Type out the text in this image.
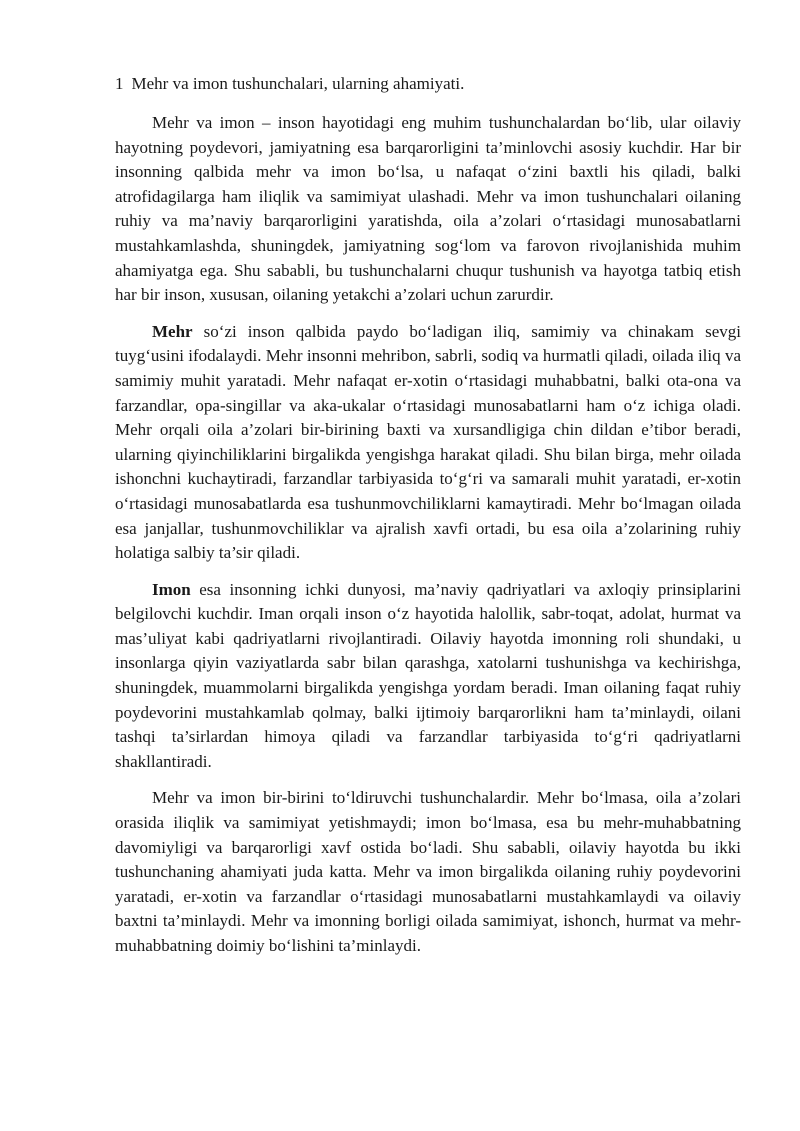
1 Mehr va imon tushunchalari, ularning ahamiyati.

Mehr va imon – inson hayotidagi eng muhim tushunchalardan bo‘lib, ular oilaviy hayotning poydevori, jamiyatning esa barqarorligini ta’minlovchi asosiy kuchdir. Har bir insonning qalbida mehr va imon bo‘lsa, u nafaqat o‘zini baxtli his qiladi, balki atrofidagilarga ham iliqlik va samimiyat ulashadi. Mehr va imon tushunchalari oilaning ruhiy va ma’naviy barqarorligini yaratishda, oila a’zolari o‘rtasidagi munosabatlarni mustahkamlashda, shuningdek, jamiyatning sog‘lom va farovon rivojlanishida muhim ahamiyatga ega. Shu sababli, bu tushunchalarni chuqur tushunish va hayotga tatbiq etish har bir inson, xususan, oilaning yetakchi a’zolari uchun zarurdir.

Mehr so‘zi inson qalbida paydo bo‘ladigan iliq, samimiy va chinakam sevgi tuyg‘usini ifodalaydi. Mehr insonni mehribon, sabrli, sodiq va hurmatli qiladi, oilada iliq va samimiy muhit yaratadi. Mehr nafaqat er-xotin o‘rtasidagi muhabbatni, balki ota-ona va farzandlar, opa-singillar va aka-ukalar o‘rtasidagi munosabatlarni ham o‘z ichiga oladi. Mehr orqali oila a’zolari bir-birining baxti va xursandligiga chin dildan e’tibor beradi, ularning qiyinchiliklarini birgalikda yengishga harakat qiladi. Shu bilan birga, mehr oilada ishonchni kuchaytiradi, farzandlar tarbiyasida to‘g‘ri va samarali muhit yaratadi, er-xotin o‘rtasidagi munosabatlarda esa tushunmovchiliklarni kamaytiradi. Mehr bo‘lmagan oilada esa janjallar, tushunmovchiliklar va ajralish xavfi ortadi, bu esa oila a’zolarining ruhiy holatiga salbiy ta’sir qiladi.

Imon esa insonning ichki dunyosi, ma’naviy qadriyatlari va axloqiy prinsiplarini belgilovchi kuchdir. Iman orqali inson o‘z hayotida halollik, sabr-toqat, adolat, hurmat va mas’uliyat kabi qadriyatlarni rivojlantiradi. Oilaviy hayotda imonning roli shundaki, u insonlarga qiyin vaziyatlarda sabr bilan qarashga, xatolarni tushunishga va kechirishga, shuningdek, muammolarni birgalikda yengishga yordam beradi. Iman oilaning faqat ruhiy poydevorini mustahkamlab qolmay, balki ijtimoiy barqarorlikni ham ta’minlaydi, oilani tashqi ta’sirlardan himoya qiladi va farzandlar tarbiyasida to‘g‘ri qadriyatlarni shakllantiradi.

Mehr va imon bir-birini to‘ldiruvchi tushunchalardir. Mehr bo‘lmasa, oila a’zolari orasida iliqlik va samimiyat yetishmaydi; imon bo‘lmasa, esa bu mehr-muhabbatning davomiyligi va barqarorligi xavf ostida bo‘ladi. Shu sababli, oilaviy hayotda bu ikki tushunchaning ahamiyati juda katta. Mehr va imon birgalikda oilaning ruhiy poydevorini yaratadi, er-xotin va farzandlar o‘rtasidagi munosabatlarni mustahkamlaydi va oilaviy baxtni ta’minlaydi. Mehr va imonning borligi oilada samimiyat, ishonch, hurmat va mehr-muhabbatning doimiy bo‘lishini ta’minlaydi.
